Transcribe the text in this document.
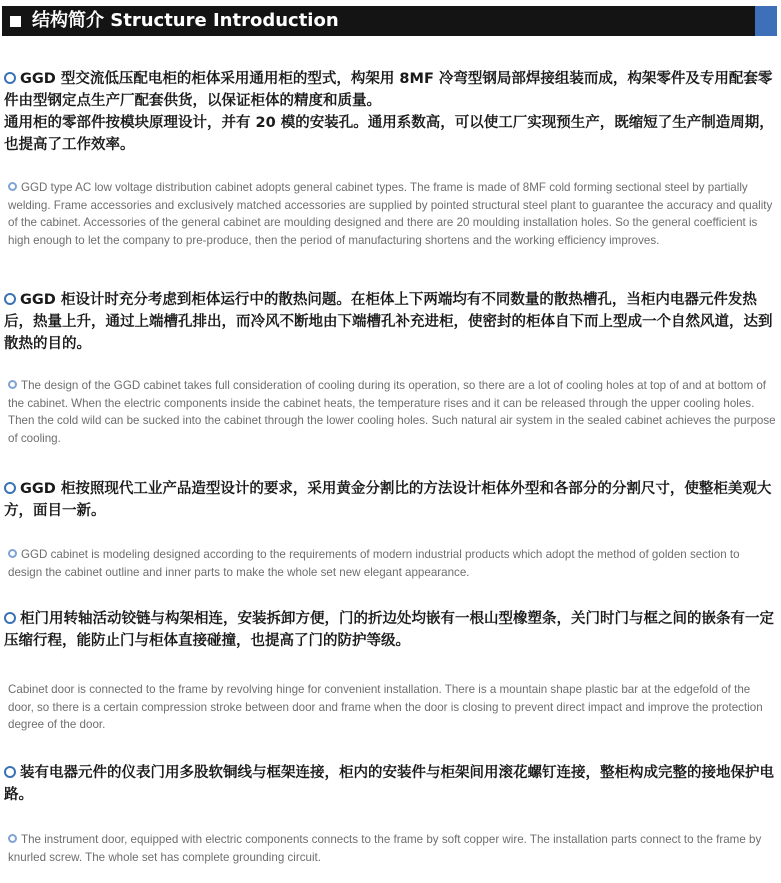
结构简介 Structure Introduction
GGD 型交流低压配电柜的柜体采用通用柜的型式，构架用 8MF 冷弯型钢局部焊接组装而成，构架零件及专用配套零件由型钢定点生产厂配套供货，以保证柜体的精度和质量。
通用柜的零部件按模块原理设计，并有 20 模的安装孔。通用系数高，可以使工厂实现预生产，既缩短了生产制造周期，也提高了工作效率。
GGD type AC low voltage distribution cabinet adopts general cabinet types. The frame is made of 8MF cold forming sectional steel by partially welding. Frame accessories and exclusively matched accessories are supplied by pointed structural steel plant to guarantee the accuracy and quality of the cabinet. Accessories of the general cabinet are moulding designed and there are 20 moulding installation holes. So the general coefficient is high enough to let the company to pre-produce, then the period of manufacturing shortens and the working efficiency improves.
GGD 柜设计时充分考虑到柜体运行中的散热问题。在柜体上下两端均有不同数量的散热槽孔，当柜内电器元件发热后，热量上升，通过上端槽孔排出，而冷风不断地由下端槽孔补充进柜，使密封的柜体自下而上型成一个自然风道，达到散热的目的。
The design of the GGD cabinet takes full consideration of cooling during its operation, so there are a lot of cooling holes at top of and at bottom of the cabinet. When the electric components inside the cabinet heats, the temperature rises and it can be released through the upper cooling holes. Then the cold wild can be sucked into the cabinet through the lower cooling holes. Such natural air system in the sealed cabinet achieves the purpose of cooling.
GGD 柜按照现代工业产品造型设计的要求，采用黄金分割比的方法设计柜体外型和各部分的分割尺寸，使整柜美观大方，面目一新。
GGD cabinet is modeling designed according to the requirements of modern industrial products which adopt the method of golden section to design the cabinet outline and inner parts to make the whole set new elegant appearance.
柜门用转轴活动铰链与构架相连，安装拆卸方便，门的折边处均嵌有一根山型橡塑条，关门时门与框之间的嵌条有一定压缩行程，能防止门与柜体直接碰撞，也提高了门的防护等级。
Cabinet door is connected to the frame by revolving hinge for convenient installation. There is a mountain shape plastic bar at the edgefold of the door, so there is a certain compression stroke between door and frame when the door is closing to prevent direct impact and improve the protection degree of the door.
装有电器元件的仪表门用多股软铜线与框架连接，柜内的安装件与柜架间用滚花螺钉连接，整柜构成完整的接地保护电路。
The instrument door, equipped with electric components connects to the frame by soft copper wire. The installation parts connect to the frame by knurled screw. The whole set has complete grounding circuit.
